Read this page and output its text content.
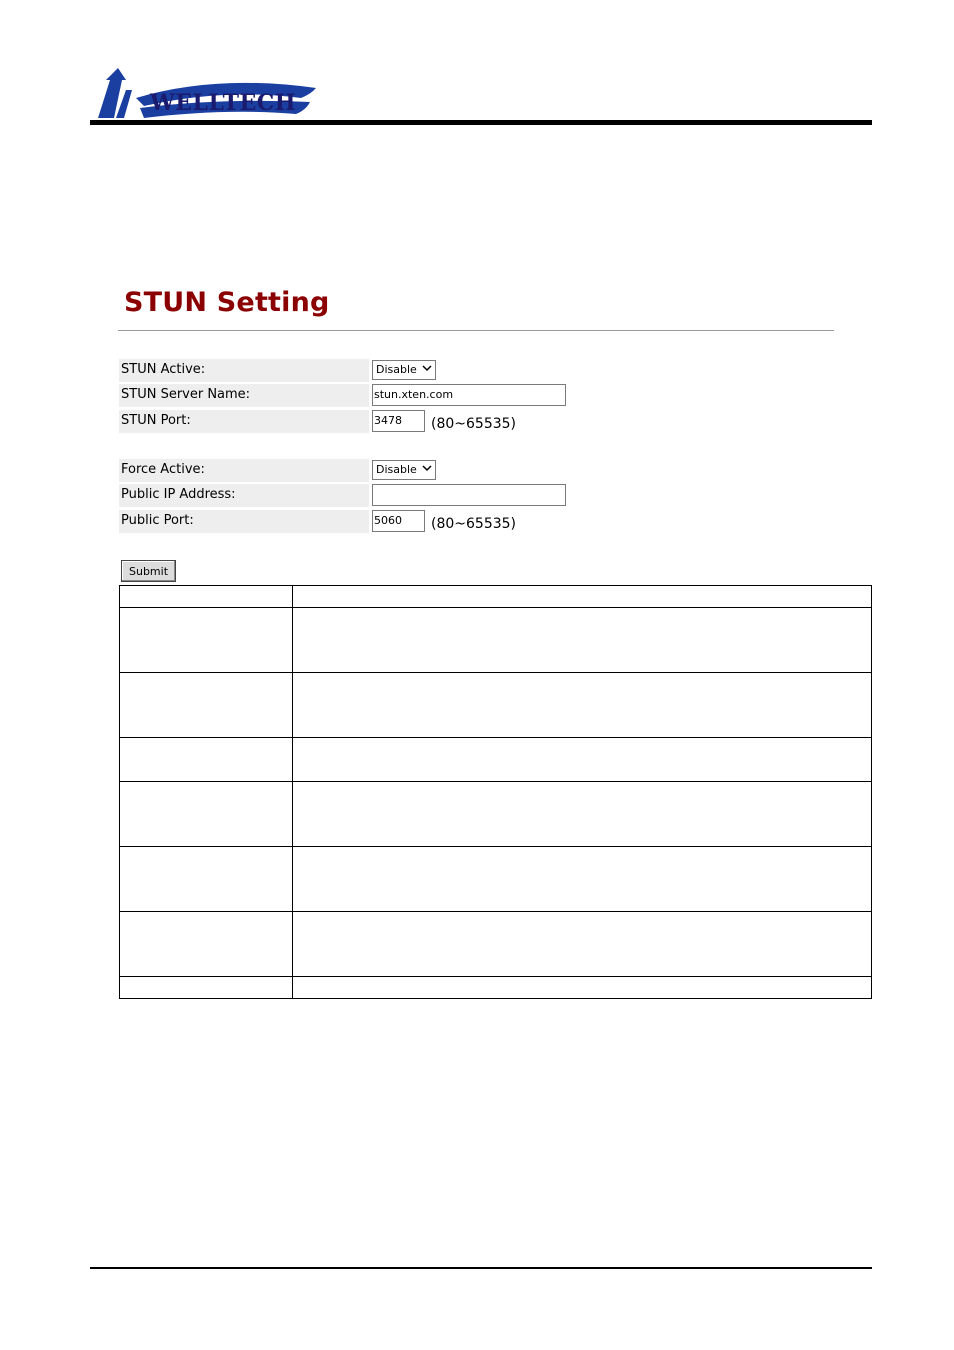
WELLTECH
STUN Setting
STUN Active:	Disable
STUN Server Name:	stun.xten.com
STUN Port:	3478	(80~65535)
Force Active:	Disable
Public IP Address:
Public Port:	5060	(80~65535)
Submit
